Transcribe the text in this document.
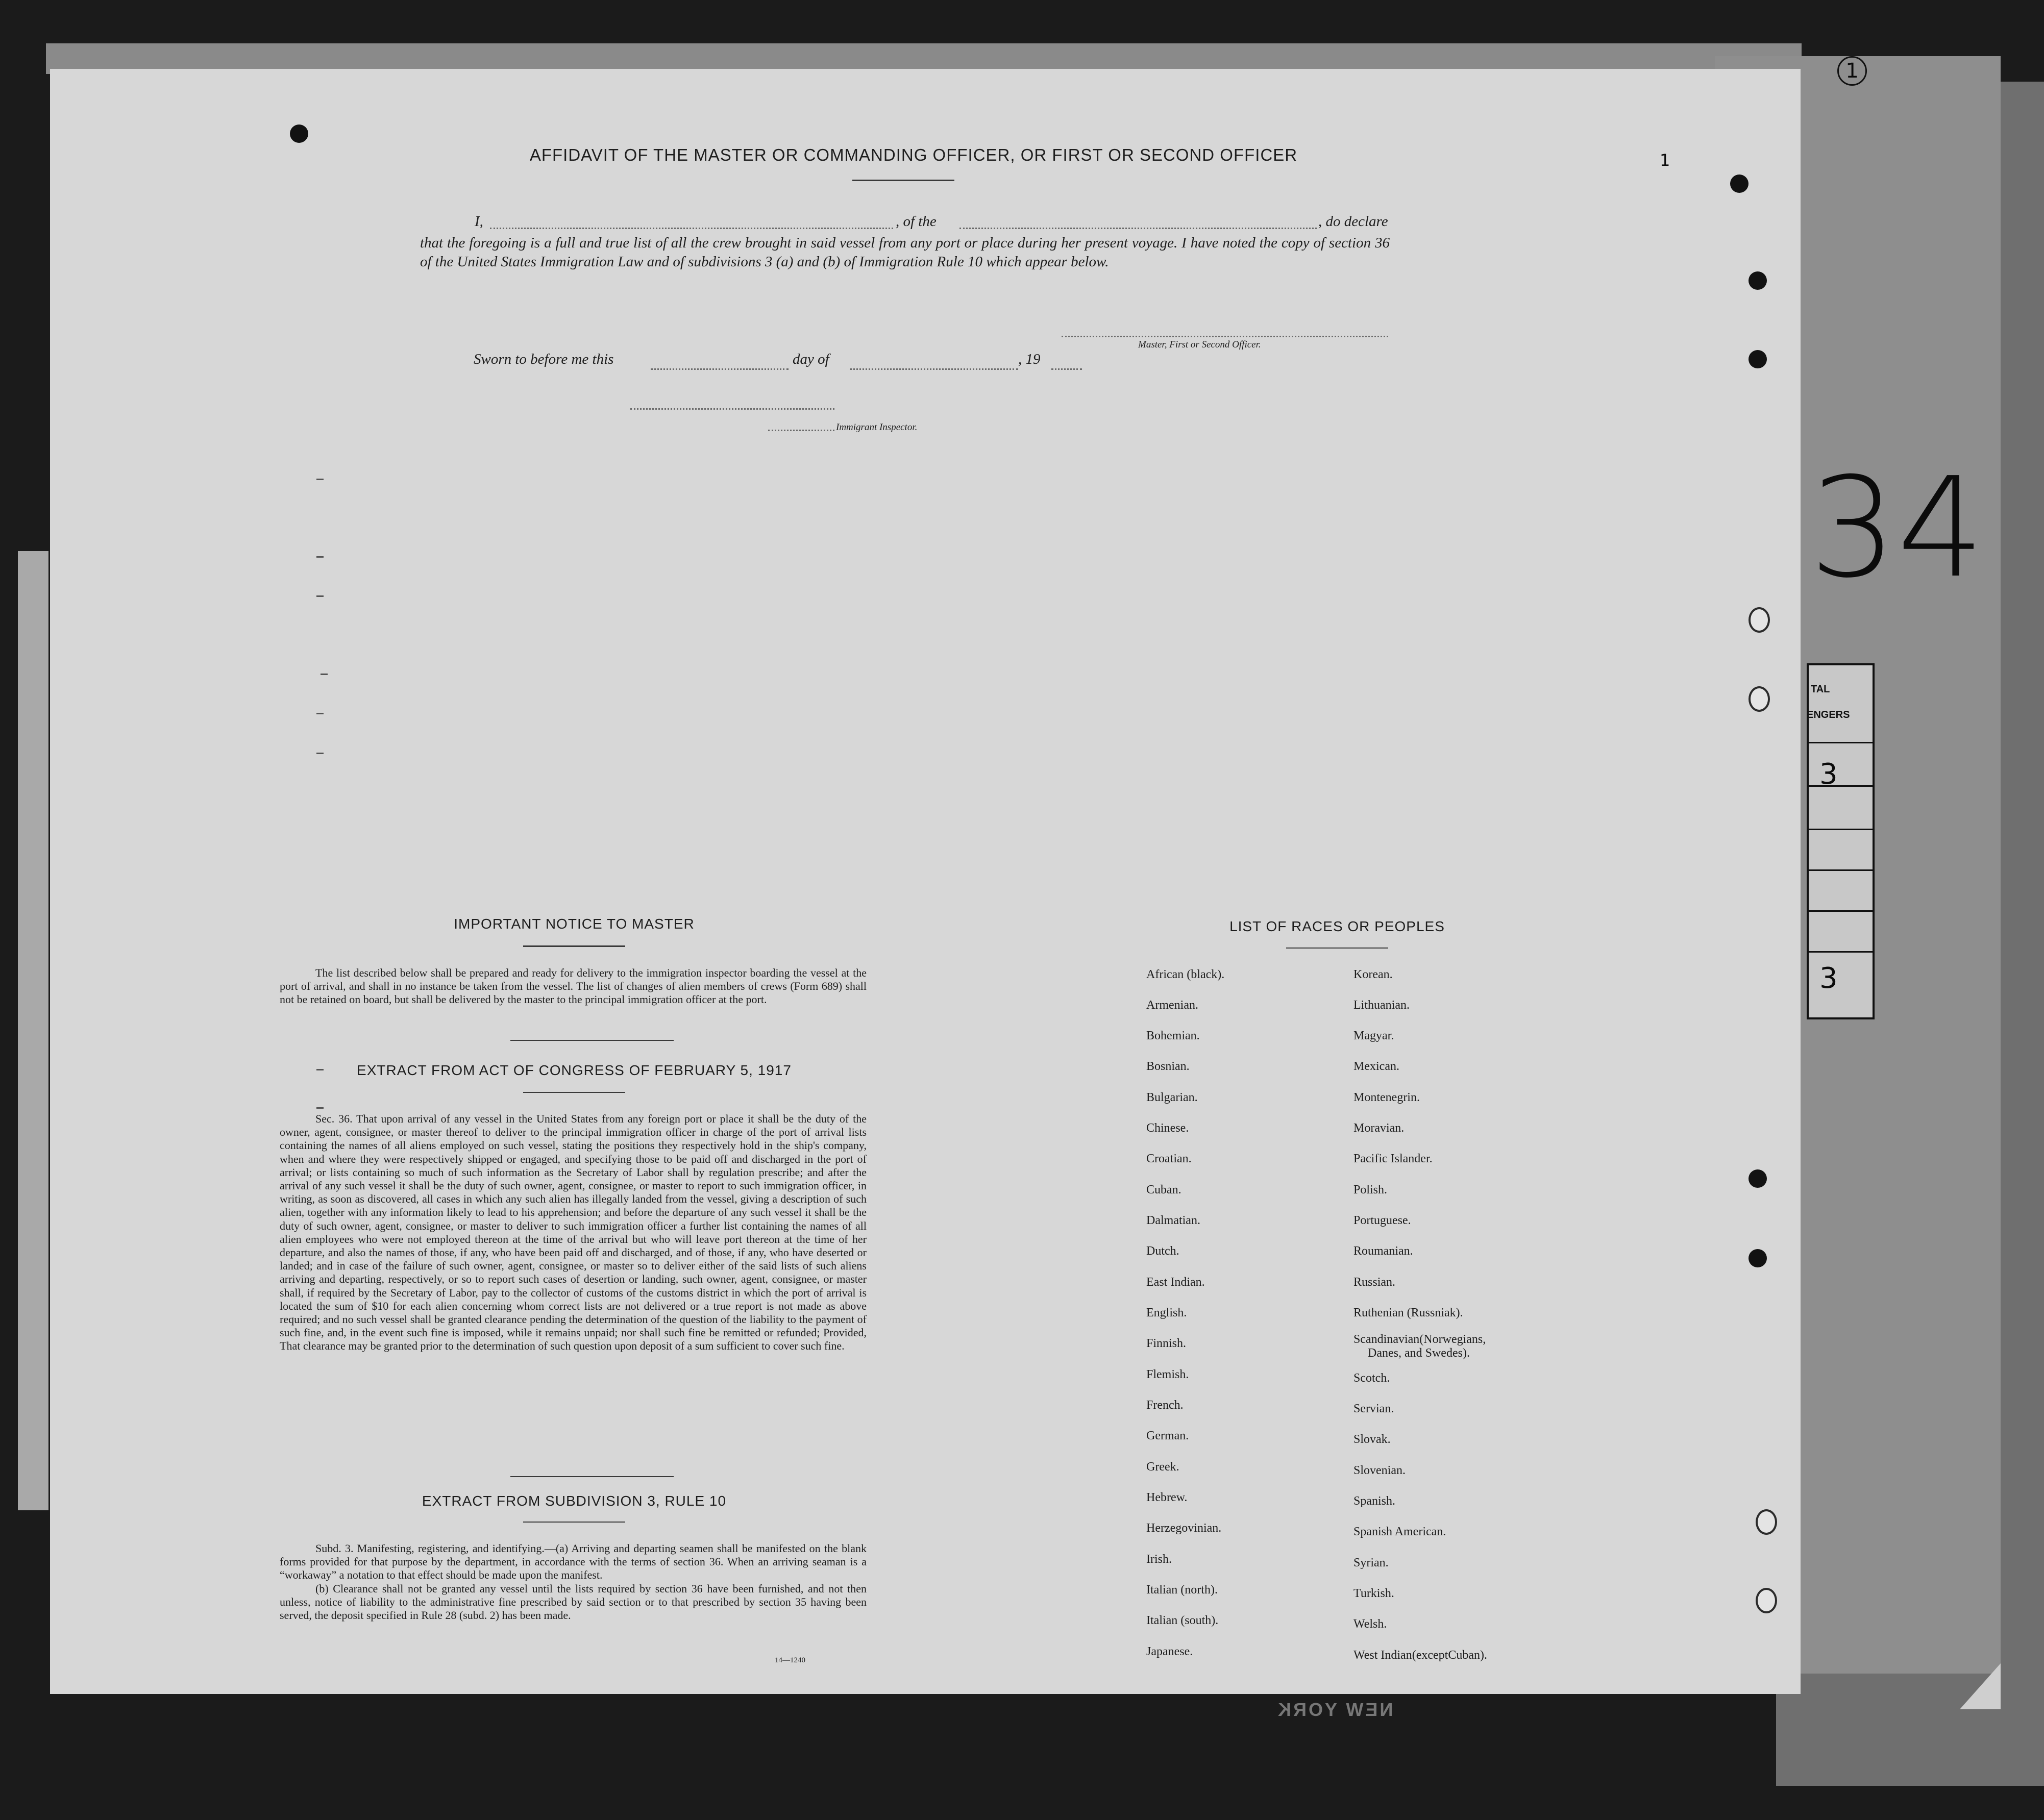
34
1
TAL
ENGERS
3
3
NEW YORK
1
AFFIDAVIT OF THE MASTER OR COMMANDING OFFICER, OR FIRST OR SECOND OFFICER
I,	, of the	, do declare
that the foregoing is a full and true list of all the crew brought in said vessel from any port or place during her present voyage. I have noted the copy of section 36 of the United States Immigration Law and of subdivisions 3 (a) and (b) of Immigration Rule 10 which appear below.
Master, First or Second Officer.
Sworn to before me this	day of	, 19
Immigrant Inspector.
IMPORTANT NOTICE TO MASTER

The list described below shall be prepared and ready for delivery to the immigration inspector boarding the vessel at the port of arrival, and shall in no instance be taken from the vessel. The list of changes of alien members of crews (Form 689) shall not be retained on board, but shall be delivered by the master to the principal immigration officer at the port.

EXTRACT FROM ACT OF CONGRESS OF FEBRUARY 5, 1917

Sec. 36. That upon arrival of any vessel in the United States from any foreign port or place it shall be the duty of the owner, agent, consignee, or master thereof to deliver to the principal immigration officer in charge of the port of arrival lists containing the names of all aliens employed on such vessel, stating the positions they respectively hold in the ship's company, when and where they were respectively shipped or engaged, and specifying those to be paid off and discharged in the port of arrival; or lists containing so much of such information as the Secretary of Labor shall by regulation prescribe; and after the arrival of any such vessel it shall be the duty of such owner, agent, consignee, or master to report to such immigration officer, in writing, as soon as discovered, all cases in which any such alien has illegally landed from the vessel, giving a description of such alien, together with any information likely to lead to his apprehension; and before the departure of any such vessel it shall be the duty of such owner, agent, consignee, or master to deliver to such immigration officer a further list containing the names of all alien employees who were not employed thereon at the time of the arrival but who will leave port thereon at the time of her departure, and also the names of those, if any, who have been paid off and discharged, and of those, if any, who have deserted or landed; and in case of the failure of such owner, agent, consignee, or master so to deliver either of the said lists of such aliens arriving and departing, respectively, or so to report such cases of desertion or landing, such owner, agent, consignee, or master shall, if required by the Secretary of Labor, pay to the collector of customs of the customs district in which the port of arrival is located the sum of $10 for each alien concerning whom correct lists are not delivered or a true report is not made as above required; and no such vessel shall be granted clearance pending the determination of the question of the liability to the payment of such fine, and, in the event such fine is imposed, while it remains unpaid; nor shall such fine be remitted or refunded; Provided, That clearance may be granted prior to the determination of such question upon deposit of a sum sufficient to cover such fine.

EXTRACT FROM SUBDIVISION 3, RULE 10

Subd. 3. Manifesting, registering, and identifying.—(a) Arriving and departing seamen shall be manifested on the blank forms provided for that purpose by the department, in accordance with the terms of section 36. When an arriving seaman is a “workaway” a notation to that effect should be made upon the manifest.

(b) Clearance shall not be granted any vessel until the lists required by section 36 have been furnished, and not then unless, notice of liability to the administrative fine prescribed by said section or to that prescribed by section 35 having been served, the deposit specified in Rule 28 (subd. 2) has been made.

14—1240
LIST OF RACES OR PEOPLES
African (black).
Armenian.
Bohemian.
Bosnian.
Bulgarian.
Chinese.
Croatian.
Cuban.
Dalmatian.
Dutch.
East Indian.
English.
Finnish.
Flemish.
French.
German.
Greek.
Hebrew.
Herzegovinian.
Irish.
Italian (north).
Italian (south).
Japanese.
Korean.
Lithuanian.
Magyar.
Mexican.
Montenegrin.
Moravian.
Pacific Islander.
Polish.
Portuguese.
Roumanian.
Russian.
Ruthenian (Russniak).
Scandinavian(Norwegians,
Danes, and Swedes).
Scotch.
Servian.
Slovak.
Slovenian.
Spanish.
Spanish American.
Syrian.
Turkish.
Welsh.
West Indian(exceptCuban).
